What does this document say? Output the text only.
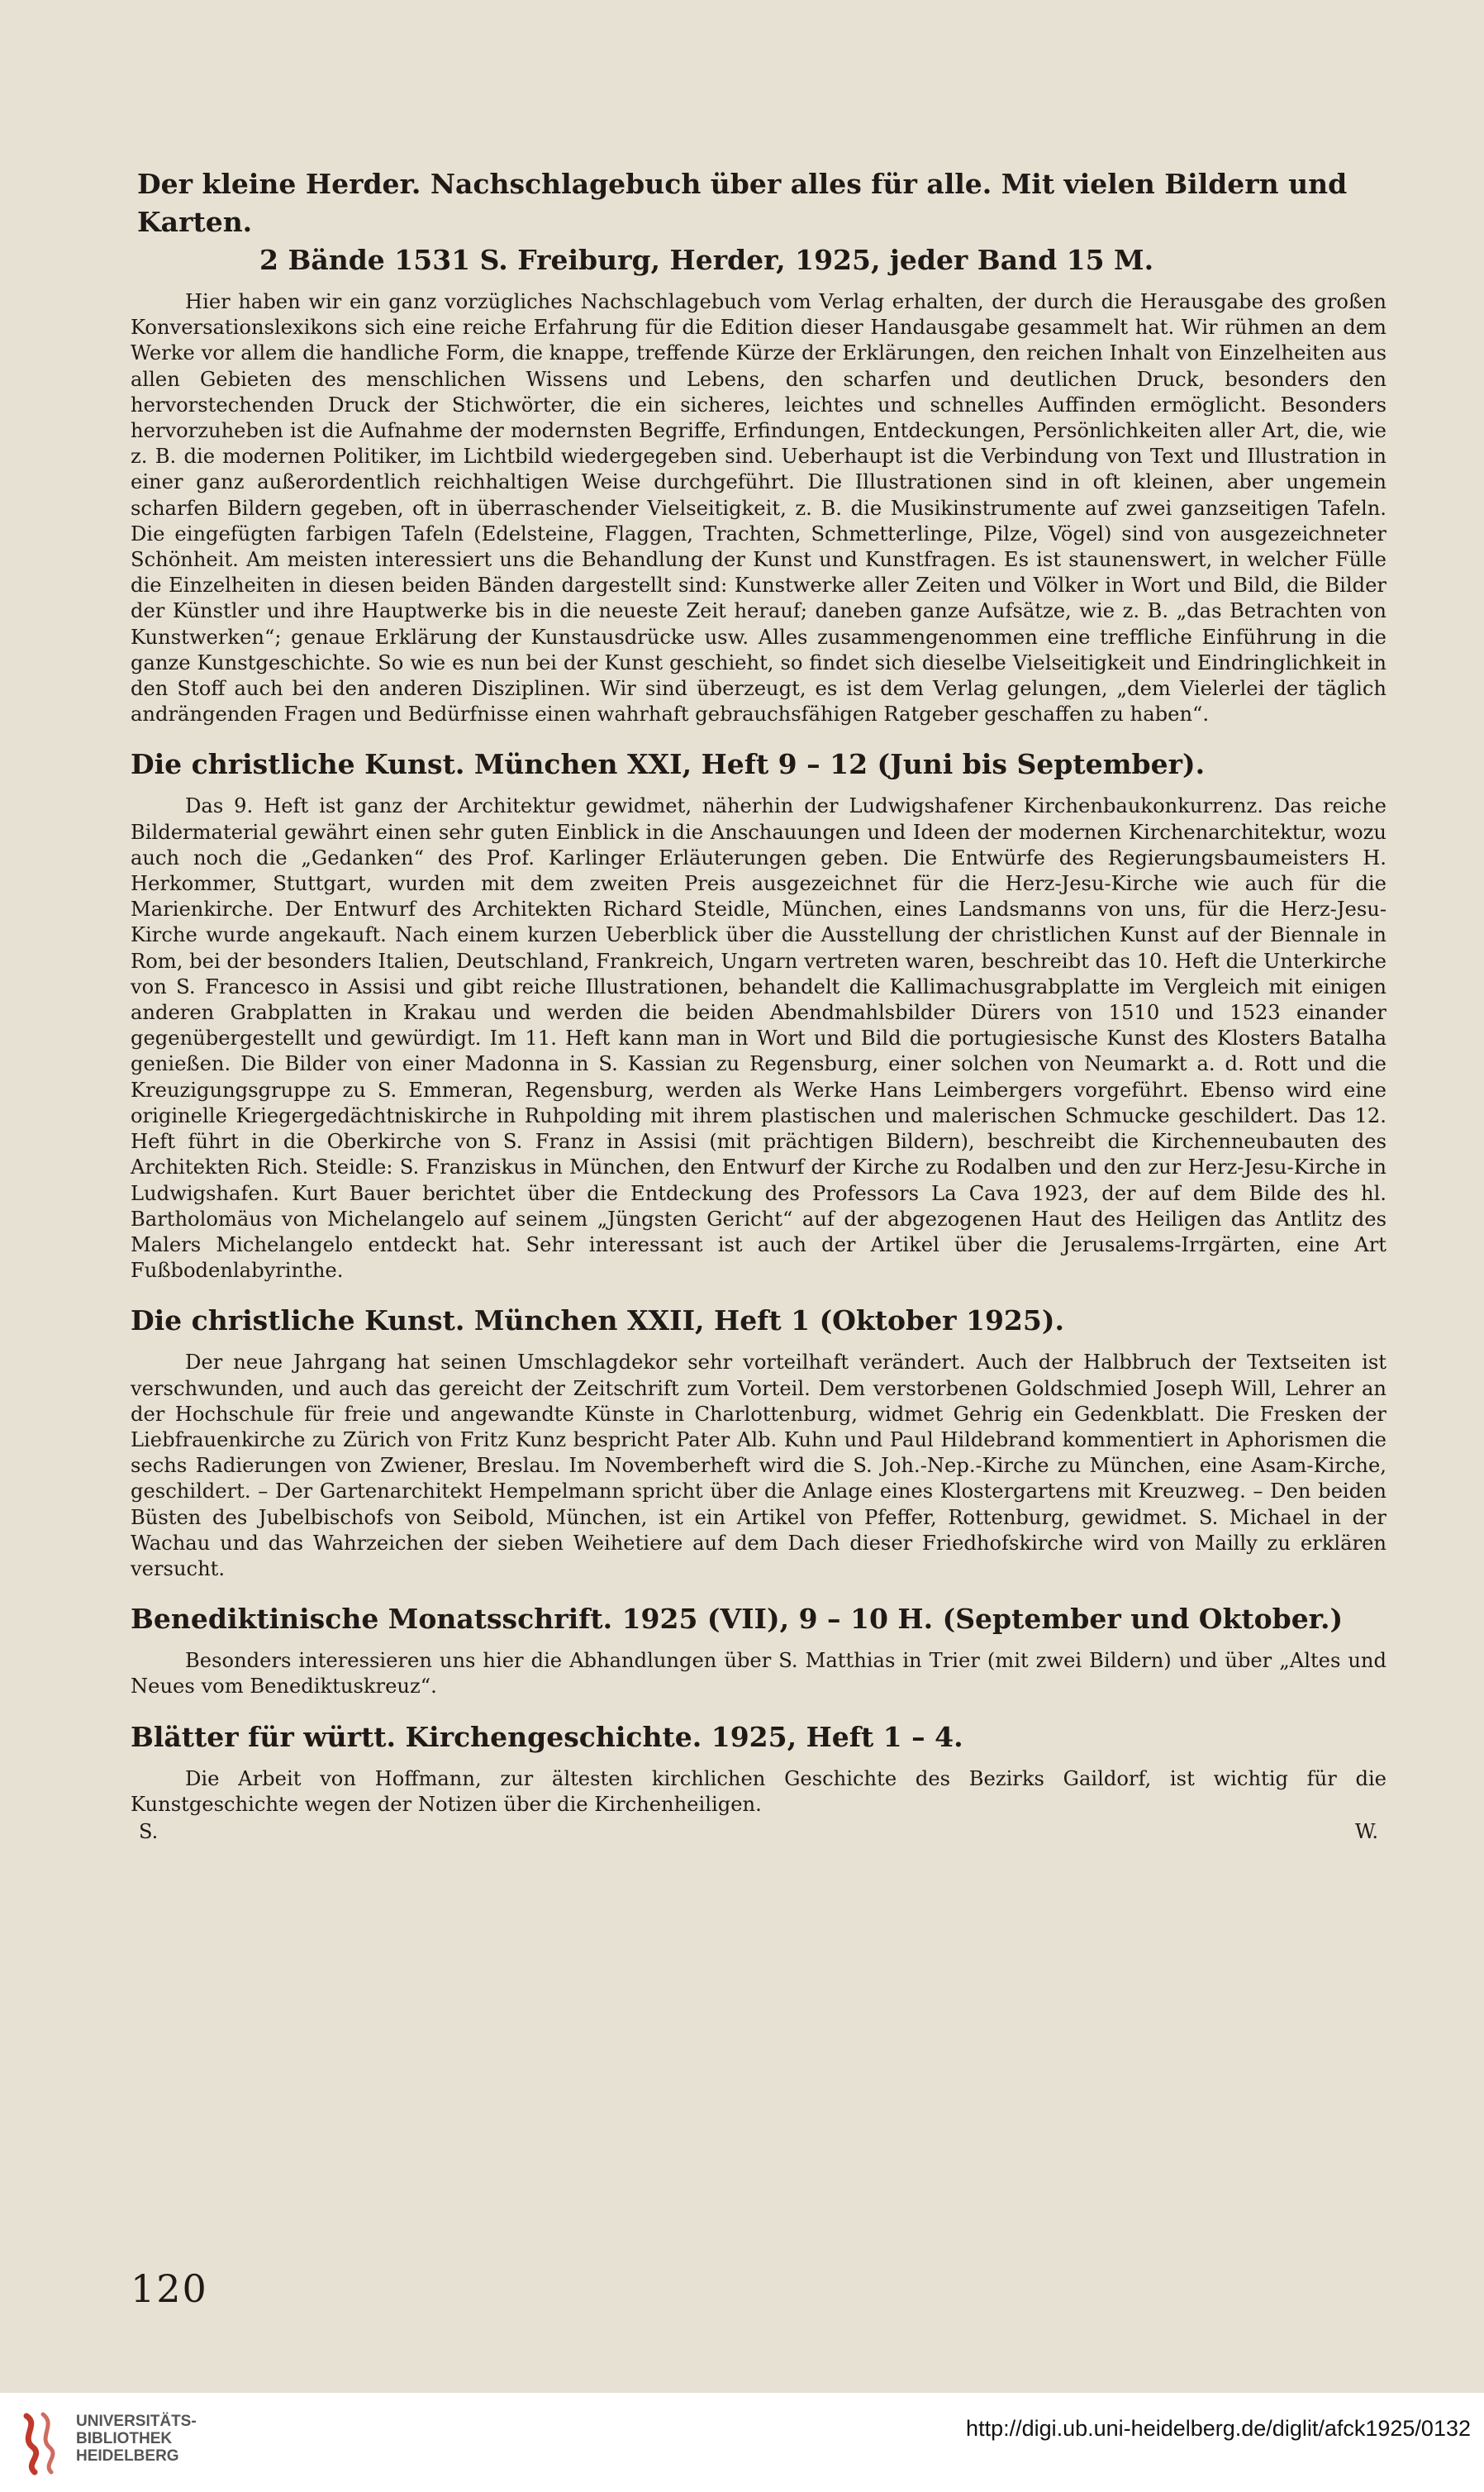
Der kleine Herder. Nachschlagebuch über alles für alle. Mit vielen Bildern und Karten.
2 Bände 1531 S. Freiburg, Herder, 1925, jeder Band 15 M.

Hier haben wir ein ganz vorzügliches Nachschlagebuch vom Verlag erhalten, der durch die Herausgabe des großen Konversationslexikons sich eine reiche Erfahrung für die Edition dieser Handausgabe gesammelt hat. Wir rühmen an dem Werke vor allem die handliche Form, die knappe, treffende Kürze der Erklärungen, den reichen Inhalt von Einzelheiten aus allen Gebieten des menschlichen Wissens und Lebens, den scharfen und deutlichen Druck, besonders den hervorstechenden Druck der Stichwörter, die ein sicheres, leichtes und schnelles Auffinden ermöglicht. Besonders hervorzuheben ist die Aufnahme der modernsten Begriffe, Erfindungen, Entdeckungen, Persönlichkeiten aller Art, die, wie z. B. die modernen Politiker, im Lichtbild wiedergegeben sind. Ueberhaupt ist die Verbindung von Text und Illustration in einer ganz außerordentlich reichhaltigen Weise durchgeführt. Die Illustrationen sind in oft kleinen, aber ungemein scharfen Bildern gegeben, oft in überraschender Vielseitigkeit, z. B. die Musikinstrumente auf zwei ganzseitigen Tafeln. Die eingefügten farbigen Tafeln (Edelsteine, Flaggen, Trachten, Schmetterlinge, Pilze, Vögel) sind von ausgezeichneter Schönheit. Am meisten interessiert uns die Behandlung der Kunst und Kunstfragen. Es ist staunenswert, in welcher Fülle die Einzelheiten in diesen beiden Bänden dargestellt sind: Kunstwerke aller Zeiten und Völker in Wort und Bild, die Bilder der Künstler und ihre Hauptwerke bis in die neueste Zeit herauf; daneben ganze Aufsätze, wie z. B. „das Betrachten von Kunstwerken“; genaue Erklärung der Kunstausdrücke usw. Alles zusammengenommen eine treffliche Einführung in die ganze Kunstgeschichte. So wie es nun bei der Kunst geschieht, so findet sich dieselbe Vielseitigkeit und Eindringlichkeit in den Stoff auch bei den anderen Disziplinen. Wir sind überzeugt, es ist dem Verlag gelungen, „dem Vielerlei der täglich andrängenden Fragen und Bedürfnisse einen wahrhaft gebrauchsfähigen Ratgeber geschaffen zu haben“.

Die christliche Kunst. München XXI, Heft 9 – 12 (Juni bis September).

Das 9. Heft ist ganz der Architektur gewidmet, näherhin der Ludwigshafener Kirchenbaukonkurrenz. Das reiche Bildermaterial gewährt einen sehr guten Einblick in die Anschauungen und Ideen der modernen Kirchenarchitektur, wozu auch noch die „Gedanken“ des Prof. Karlinger Erläuterungen geben. Die Entwürfe des Regierungsbaumeisters H. Herkommer, Stuttgart, wurden mit dem zweiten Preis ausgezeichnet für die Herz-Jesu-Kirche wie auch für die Marienkirche. Der Entwurf des Architekten Richard Steidle, München, eines Landsmanns von uns, für die Herz-Jesu-Kirche wurde angekauft. Nach einem kurzen Ueberblick über die Ausstellung der christlichen Kunst auf der Biennale in Rom, bei der besonders Italien, Deutschland, Frankreich, Ungarn vertreten waren, beschreibt das 10. Heft die Unterkirche von S. Francesco in Assisi und gibt reiche Illustrationen, behandelt die Kallimachusgrabplatte im Vergleich mit einigen anderen Grabplatten in Krakau und werden die beiden Abendmahlsbilder Dürers von 1510 und 1523 einander gegenübergestellt und gewürdigt. Im 11. Heft kann man in Wort und Bild die portugiesische Kunst des Klosters Batalha genießen. Die Bilder von einer Madonna in S. Kassian zu Regensburg, einer solchen von Neumarkt a. d. Rott und die Kreuzigungsgruppe zu S. Emmeran, Regensburg, werden als Werke Hans Leimbergers vorgeführt. Ebenso wird eine originelle Kriegergedächtniskirche in Ruhpolding mit ihrem plastischen und malerischen Schmucke geschildert. Das 12. Heft führt in die Oberkirche von S. Franz in Assisi (mit prächtigen Bildern), beschreibt die Kirchenneubauten des Architekten Rich. Steidle: S. Franziskus in München, den Entwurf der Kirche zu Rodalben und den zur Herz-Jesu-Kirche in Ludwigshafen. Kurt Bauer berichtet über die Entdeckung des Professors La Cava 1923, der auf dem Bilde des hl. Bartholomäus von Michelangelo auf seinem „Jüngsten Gericht“ auf der abgezogenen Haut des Heiligen das Antlitz des Malers Michelangelo entdeckt hat. Sehr interessant ist auch der Artikel über die Jerusalems-Irrgärten, eine Art Fußbodenlabyrinthe.

Die christliche Kunst. München XXII, Heft 1 (Oktober 1925).

Der neue Jahrgang hat seinen Umschlagdekor sehr vorteilhaft verändert. Auch der Halbbruch der Textseiten ist verschwunden, und auch das gereicht der Zeitschrift zum Vorteil. Dem verstorbenen Goldschmied Joseph Will, Lehrer an der Hochschule für freie und angewandte Künste in Charlottenburg, widmet Gehrig ein Gedenkblatt. Die Fresken der Liebfrauenkirche zu Zürich von Fritz Kunz bespricht Pater Alb. Kuhn und Paul Hildebrand kommentiert in Aphorismen die sechs Radierungen von Zwiener, Breslau. Im Novemberheft wird die S. Joh.-Nep.-Kirche zu München, eine Asam-Kirche, geschildert. – Der Gartenarchitekt Hempelmann spricht über die Anlage eines Klostergartens mit Kreuzweg. – Den beiden Büsten des Jubelbischofs von Seibold, München, ist ein Artikel von Pfeffer, Rottenburg, gewidmet. S. Michael in der Wachau und das Wahrzeichen der sieben Weihetiere auf dem Dach dieser Friedhofskirche wird von Mailly zu erklären versucht.

Benediktinische Monatsschrift. 1925 (VII), 9 – 10 H. (September und Oktober.)

Besonders interessieren uns hier die Abhandlungen über S. Matthias in Trier (mit zwei Bildern) und über „Altes und Neues vom Benediktuskreuz“.

Blätter für württ. Kirchengeschichte. 1925, Heft 1 – 4.

Die Arbeit von Hoffmann, zur ältesten kirchlichen Geschichte des Bezirks Gaildorf, ist wichtig für die Kunstgeschichte wegen der Notizen über die Kirchenheiligen.

S.	W.
120
UNIVERSITÄTS-
BIBLIOTHEK
HEIDELBERG
http://digi.ub.uni-heidelberg.de/diglit/afck1925/0132
